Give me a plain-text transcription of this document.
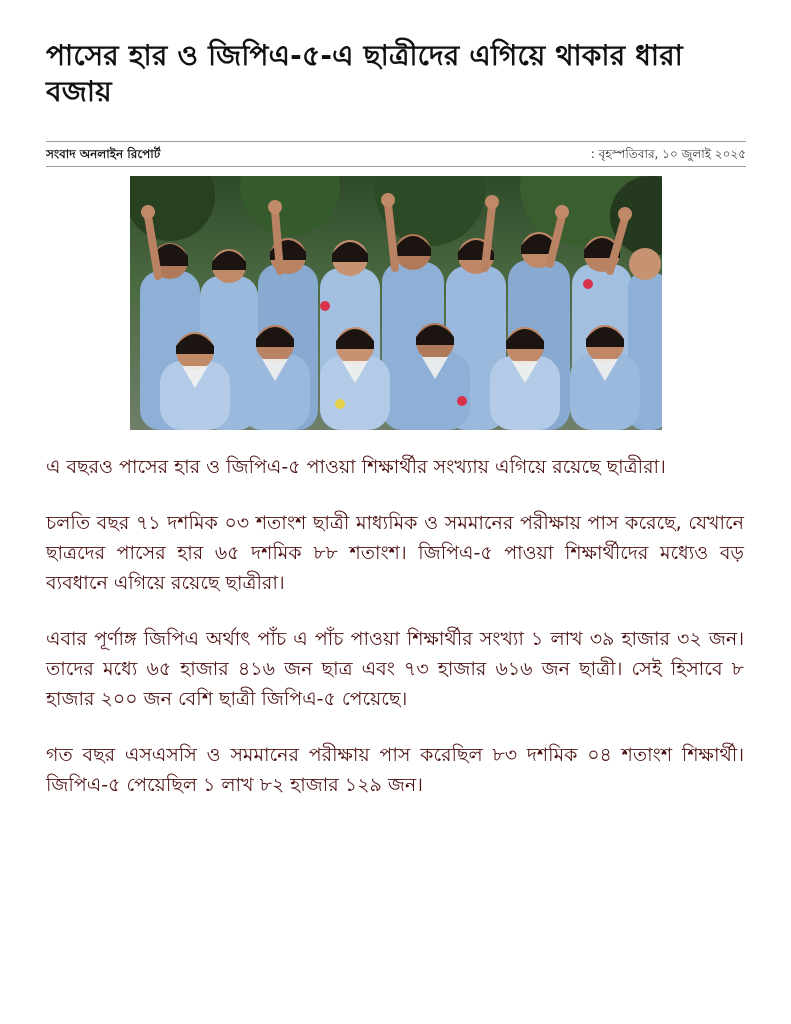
পাসের হার ও জিপিএ-৫-এ ছাত্রীদের এগিয়ে থাকার ধারা বজায়
সংবাদ অনলাইন রিপোর্ট	: বৃহস্পতিবার, ১০ জুলাই ২০২৫

এ বছরও পাসের হার ও জিপিএ-৫ পাওয়া শিক্ষার্থীর সংখ্যায় এগিয়ে রয়েছে ছাত্রীরা।

চলতি বছর ৭১ দশমিক ০৩ শতাংশ ছাত্রী মাধ্যমিক ও সমমানের পরীক্ষায় পাস করেছে, যেখানে ছাত্রদের পাসের হার ৬৫ দশমিক ৮৮ শতাংশ। জিপিএ-৫ পাওয়া শিক্ষার্থীদের মধ্যেও বড় ব্যবধানে এগিয়ে রয়েছে ছাত্রীরা।

এবার পূর্ণাঙ্গ জিপিএ অর্থাৎ পাঁচ এ পাঁচ পাওয়া শিক্ষার্থীর সংখ্যা ১ লাখ ৩৯ হাজার ৩২ জন। তাদের মধ্যে ৬৫ হাজার ৪১৬ জন ছাত্র এবং ৭৩ হাজার ৬১৬ জন ছাত্রী। সেই হিসাবে ৮ হাজার ২০০ জন বেশি ছাত্রী জিপিএ-৫ পেয়েছে।

গত বছর এসএসসি ও সমমানের পরীক্ষায় পাস করেছিল ৮৩ দশমিক ০৪ শতাংশ শিক্ষার্থী। জিপিএ-৫ পেয়েছিল ১ লাখ ৮২ হাজার ১২৯ জন।
